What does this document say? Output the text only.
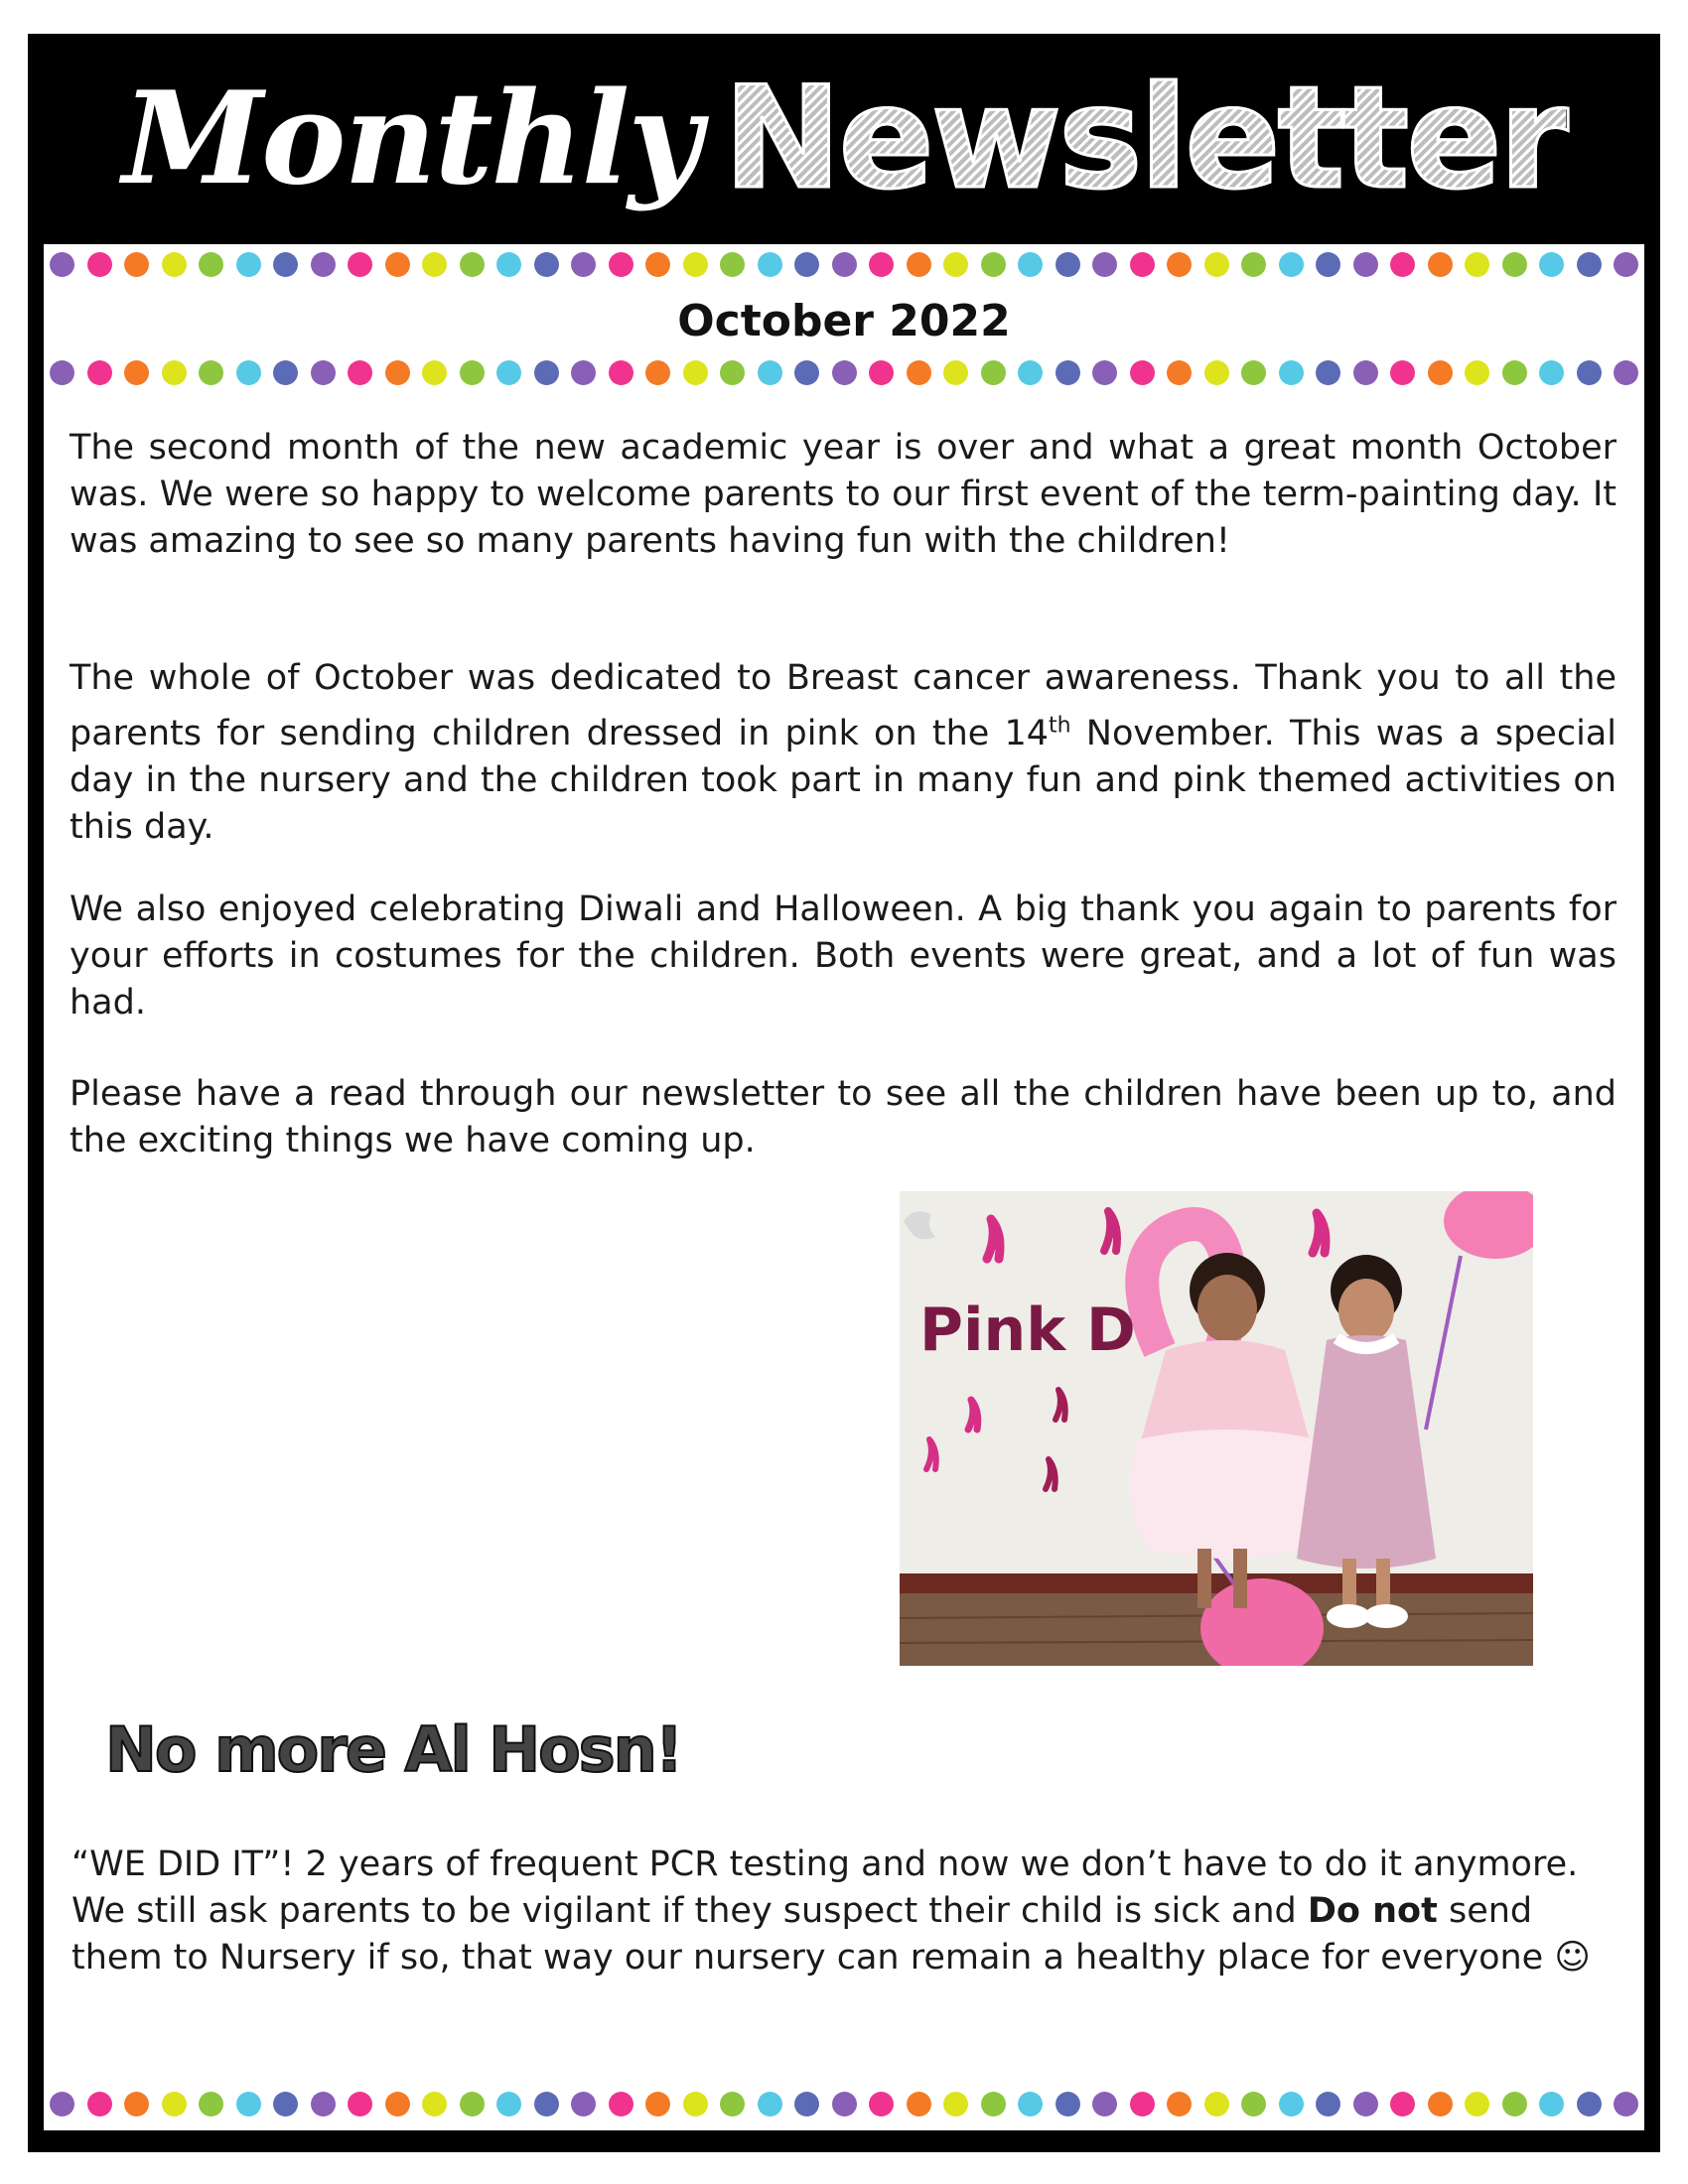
Monthly Newsletter
October 2022

The second month of the new academic year is over and what a great month October was. We were so happy to welcome parents to our first event of the term-painting day. It was amazing to see so many parents having fun with the children!

The whole of October was dedicated to Breast cancer awareness. Thank you to all the parents for sending children dressed in pink on the 14th November. This was a special day in the nursery and the children took part in many fun and pink themed activities on this day.

We also enjoyed celebrating Diwali and Halloween. A big thank you again to parents for your efforts in costumes for the children. Both events were great, and a lot of fun was had.

Please have a read through our newsletter to see all the children have been up to, and the exciting things we have coming up.

Pink D
No more Al Hosn!

“WE DID IT”! 2 years of frequent PCR testing and now we don’t have to do it anymore. We still ask parents to be vigilant if they suspect their child is sick and Do not send them to Nursery if so, that way our nursery can remain a healthy place for everyone ☺
